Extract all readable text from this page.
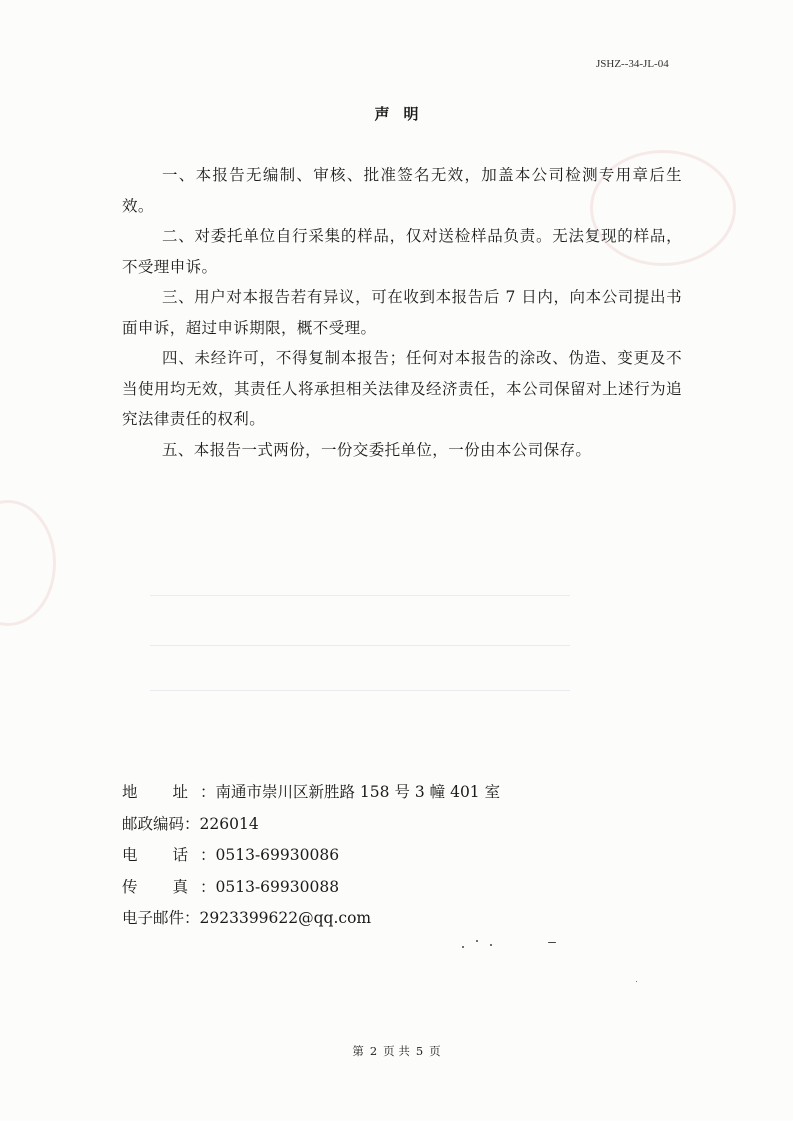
JSHZ--34-JL-04
声明

一、本报告无编制、审核、批准签名无效，加盖本公司检测专用章后生效。

二、对委托单位自行采集的样品，仅对送检样品负责。无法复现的样品，不受理申诉。

三、用户对本报告若有异议，可在收到本报告后 7 日内，向本公司提出书面申诉，超过申诉期限，概不受理。

四、未经许可，不得复制本报告；任何对本报告的涂改、伪造、变更及不当使用均无效，其责任人将承担相关法律及经济责任，本公司保留对上述行为追究法律责任的权利。

五、本报告一式两份，一份交委托单位，一份由本公司保存。

地 址 ：南通市崇川区新胜路 158 号 3 幢 401 室
邮政编码 ：226014
电 话 ：0513-69930086
传 真 ：0513-69930088
电子邮件 ：2923399622@qq.com
第 2 页 共 5 页
